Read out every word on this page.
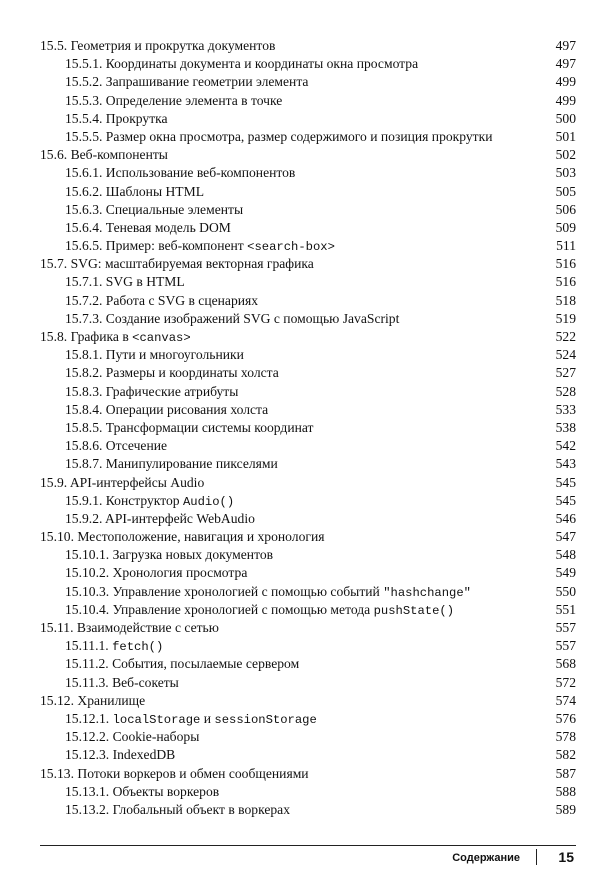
15.5. Геометрия и прокрутка документов	497
15.5.1. Координаты документа и координаты окна просмотра	497
15.5.2. Запрашивание геометрии элемента	499
15.5.3. Определение элемента в точке	499
15.5.4. Прокрутка	500
15.5.5. Размер окна просмотра, размер содержимого и позиция прокрутки	501
15.6. Веб-компоненты	502
15.6.1. Использование веб-компонентов	503
15.6.2. Шаблоны HTML	505
15.6.3. Специальные элементы	506
15.6.4. Теневая модель DOM	509
15.6.5. Пример: веб-компонент <search-box>	511
15.7. SVG: масштабируемая векторная графика	516
15.7.1. SVG в HTML	516
15.7.2. Работа с SVG в сценариях	518
15.7.3. Создание изображений SVG с помощью JavaScript	519
15.8. Графика в <canvas>	522
15.8.1. Пути и многоугольники	524
15.8.2. Размеры и координаты холста	527
15.8.3. Графические атрибуты	528
15.8.4. Операции рисования холста	533
15.8.5. Трансформации системы координат	538
15.8.6. Отсечение	542
15.8.7. Манипулирование пикселями	543
15.9. API-интерфейсы Audio	545
15.9.1. Конструктор Audio()	545
15.9.2. API-интерфейс WebAudio	546
15.10. Местоположение, навигация и хронология	547
15.10.1. Загрузка новых документов	548
15.10.2. Хронология просмотра	549
15.10.3. Управление хронологией с помощью событий "hashchange"	550
15.10.4. Управление хронологией с помощью метода pushState()	551
15.11. Взаимодействие с сетью	557
15.11.1. fetch()	557
15.11.2. События, посылаемые сервером	568
15.11.3. Веб-сокеты	572
15.12. Хранилище	574
15.12.1. localStorage и sessionStorage	576
15.12.2. Cookie-наборы	578
15.12.3. IndexedDB	582
15.13. Потоки воркеров и обмен сообщениями	587
15.13.1. Объекты воркеров	588
15.13.2. Глобальный объект в воркерах	589
Содержание	15
